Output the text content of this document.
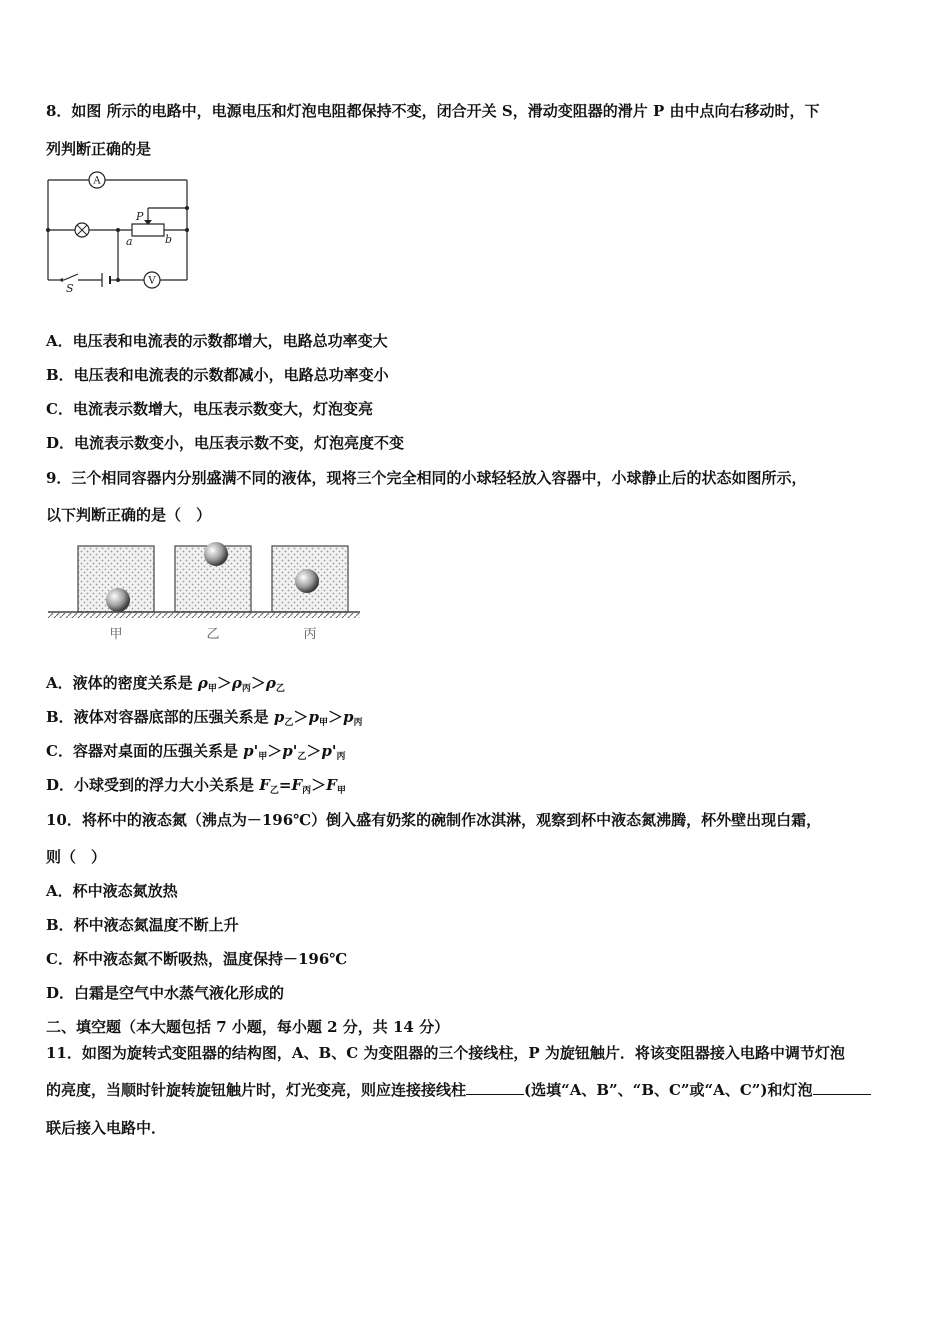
8．如图 所示的电路中，电源电压和灯泡电阻都保持不变，闭合开关 S，滑动变阻器的滑片 P 由中点向右移动时，下
列判断正确的是
A
V
P
a	b
S
A．电压表和电流表的示数都增大，电路总功率变大
B．电压表和电流表的示数都减小，电路总功率变小
C．电流表示数增大，电压表示数变大，灯泡变亮
D．电流表示数变小，电压表示数不变，灯泡亮度不变
9．三个相同容器内分别盛满不同的液体，现将三个完全相同的小球轻轻放入容器中，小球静止后的状态如图所示，
以下判断正确的是（　）
甲	乙	丙
A．液体的密度关系是 $\rho_甲>\rho_丙>\rho_乙$
B．液体对容器底部的压强关系是 $p_乙>p_甲>p_丙$
C．容器对桌面的压强关系是 $p'_甲>p'_乙>p'_丙$
D．小球受到的浮力大小关系是 $F_乙=F_丙>F_甲$
10．将杯中的液态氮（沸点为－196℃）倒入盛有奶浆的碗制作冰淇淋，观察到杯中液态氮沸腾，杯外壁出现白霜，
则（　）
A．杯中液态氮放热
B．杯中液态氮温度不断上升
C．杯中液态氮不断吸热，温度保持－196℃
D．白霜是空气中水蒸气液化形成的
二、填空题（本大题包括 7 小题，每小题 2 分，共 14 分）
11．如图为旋转式变阻器的结构图，A、B、C 为变阻器的三个接线柱，P 为旋钮触片．将该变阻器接入电路中调节灯泡
的亮度，当顺时针旋转旋钮触片时，灯光变亮，则应连接接线柱	(选填“A、B”、“B、C”或“A、C”)和灯泡
联后接入电路中．
